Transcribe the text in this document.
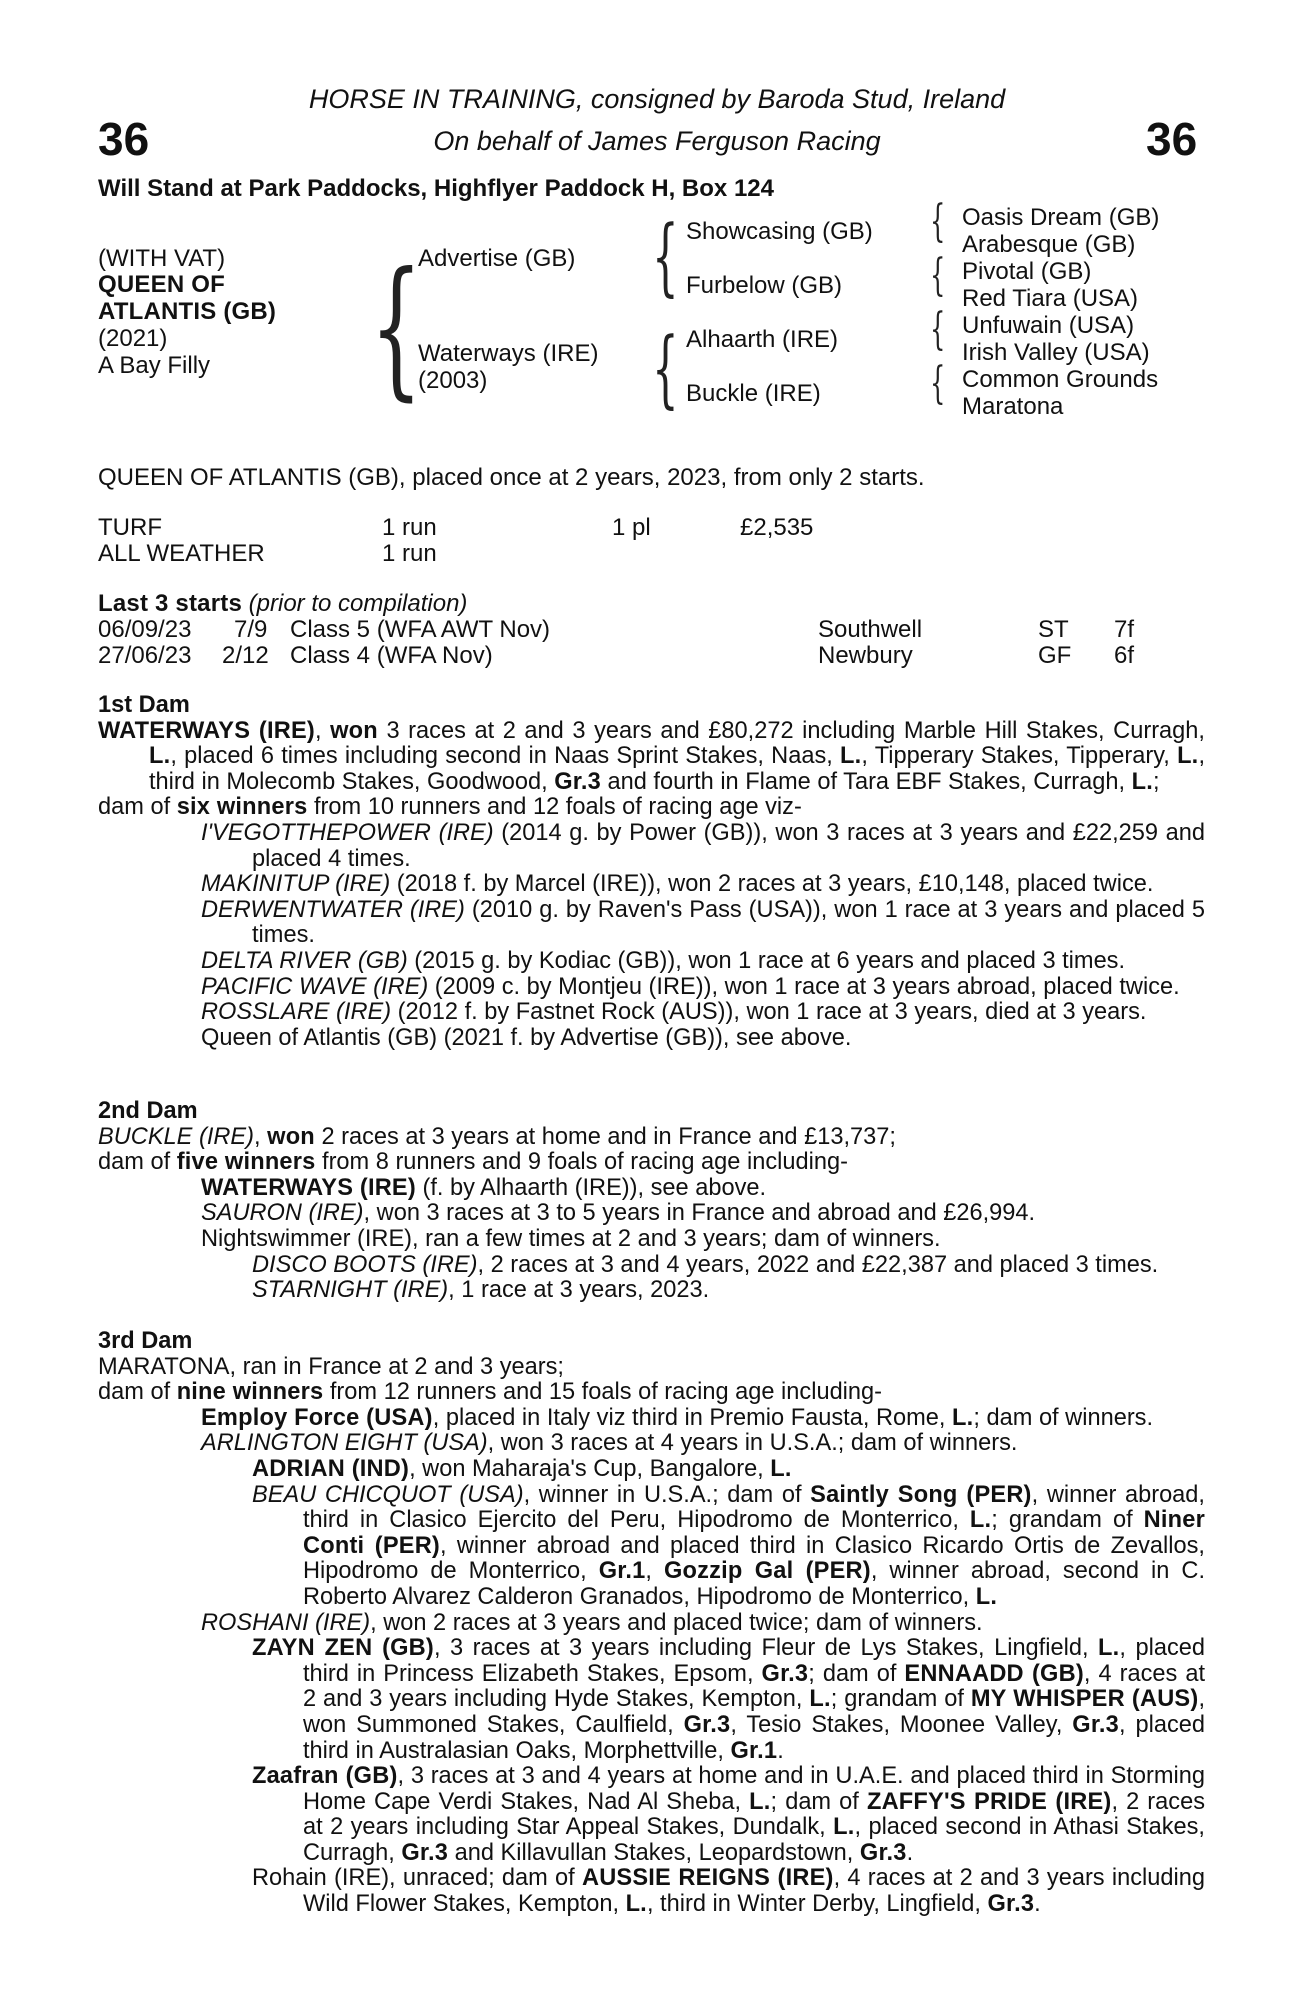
36	36
HORSE IN TRAINING, consigned by Baroda Stud, Ireland
On behalf of James Ferguson Racing
Will Stand at Park Paddocks, Highflyer Paddock H, Box 124
(WITH VAT)
QUEEN OF
ATLANTIS (GB)
(2021)
A Bay Filly {
Advertise (GB)
Waterways (IRE)
(2003)
{
{
Showcasing (GB)
Furbelow (GB)
Alhaarth (IRE)
Buckle (IRE)
{
{
{
{
Oasis Dream (GB)
Arabesque (GB)
Pivotal (GB)
Red Tiara (USA)
Unfuwain (USA)
Irish Valley (USA)
Common Grounds
Maratona
QUEEN OF ATLANTIS (GB), placed once at 2 years, 2023, from only 2 starts.
TURF	1 run	1 pl	£2,535
ALL WEATHER	1 run
Last 3 starts (prior to compilation)
06/09/23 7/9 Class 5 (WFA AWT Nov)	Southwell	ST 7f
27/06/23 2/12 Class 4 (WFA Nov)	Newbury	GF 6f

1st Dam

WATERWAYS (IRE), won 3 races at 2 and 3 years and £80,272 including Marble Hill Stakes, Curragh, L., placed 6 times including second in Naas Sprint Stakes, Naas, L., Tipperary Stakes, Tipperary, L., third in Molecomb Stakes, Goodwood, Gr.3 and fourth in Flame of Tara EBF Stakes, Curragh, L.;

dam of six winners from 10 runners and 12 foals of racing age viz-

I'VEGOTTHEPOWER (IRE) (2014 g. by Power (GB)), won 3 races at 3 years and £22,259 and placed 4 times.

MAKINITUP (IRE) (2018 f. by Marcel (IRE)), won 2 races at 3 years, £10,148, placed twice.

DERWENTWATER (IRE) (2010 g. by Raven's Pass (USA)), won 1 race at 3 years and placed 5 times.

DELTA RIVER (GB) (2015 g. by Kodiac (GB)), won 1 race at 6 years and placed 3 times.

PACIFIC WAVE (IRE) (2009 c. by Montjeu (IRE)), won 1 race at 3 years abroad, placed twice.

ROSSLARE (IRE) (2012 f. by Fastnet Rock (AUS)), won 1 race at 3 years, died at 3 years.

Queen of Atlantis (GB) (2021 f. by Advertise (GB)), see above.

2nd Dam

BUCKLE (IRE), won 2 races at 3 years at home and in France and £13,737;

dam of five winners from 8 runners and 9 foals of racing age including-

WATERWAYS (IRE) (f. by Alhaarth (IRE)), see above.

SAURON (IRE), won 3 races at 3 to 5 years in France and abroad and £26,994.

Nightswimmer (IRE), ran a few times at 2 and 3 years; dam of winners.

DISCO BOOTS (IRE), 2 races at 3 and 4 years, 2022 and £22,387 and placed 3 times.

STARNIGHT (IRE), 1 race at 3 years, 2023.

3rd Dam

MARATONA, ran in France at 2 and 3 years;

dam of nine winners from 12 runners and 15 foals of racing age including-

Employ Force (USA), placed in Italy viz third in Premio Fausta, Rome, L.; dam of winners.

ARLINGTON EIGHT (USA), won 3 races at 4 years in U.S.A.; dam of winners.

ADRIAN (IND), won Maharaja's Cup, Bangalore, L.

BEAU CHICQUOT (USA), winner in U.S.A.; dam of Saintly Song (PER), winner abroad, third in Clasico Ejercito del Peru, Hipodromo de Monterrico, L.; grandam of Niner Conti (PER), winner abroad and placed third in Clasico Ricardo Ortis de Zevallos, Hipodromo de Monterrico, Gr.1, Gozzip Gal (PER), winner abroad, second in C. Roberto Alvarez Calderon Granados, Hipodromo de Monterrico, L.

ROSHANI (IRE), won 2 races at 3 years and placed twice; dam of winners.

ZAYN ZEN (GB), 3 races at 3 years including Fleur de Lys Stakes, Lingfield, L., placed third in Princess Elizabeth Stakes, Epsom, Gr.3; dam of ENNAADD (GB), 4 races at 2 and 3 years including Hyde Stakes, Kempton, L.; grandam of MY WHISPER (AUS), won Summoned Stakes, Caulfield, Gr.3, Tesio Stakes, Moonee Valley, Gr.3, placed third in Australasian Oaks, Morphettville, Gr.1.

Zaafran (GB), 3 races at 3 and 4 years at home and in U.A.E. and placed third in Storming Home Cape Verdi Stakes, Nad Al Sheba, L.; dam of ZAFFY'S PRIDE (IRE), 2 races at 2 years including Star Appeal Stakes, Dundalk, L., placed second in Athasi Stakes, Curragh, Gr.3 and Killavullan Stakes, Leopardstown, Gr.3.

Rohain (IRE), unraced; dam of AUSSIE REIGNS (IRE), 4 races at 2 and 3 years including Wild Flower Stakes, Kempton, L., third in Winter Derby, Lingfield, Gr.3.
